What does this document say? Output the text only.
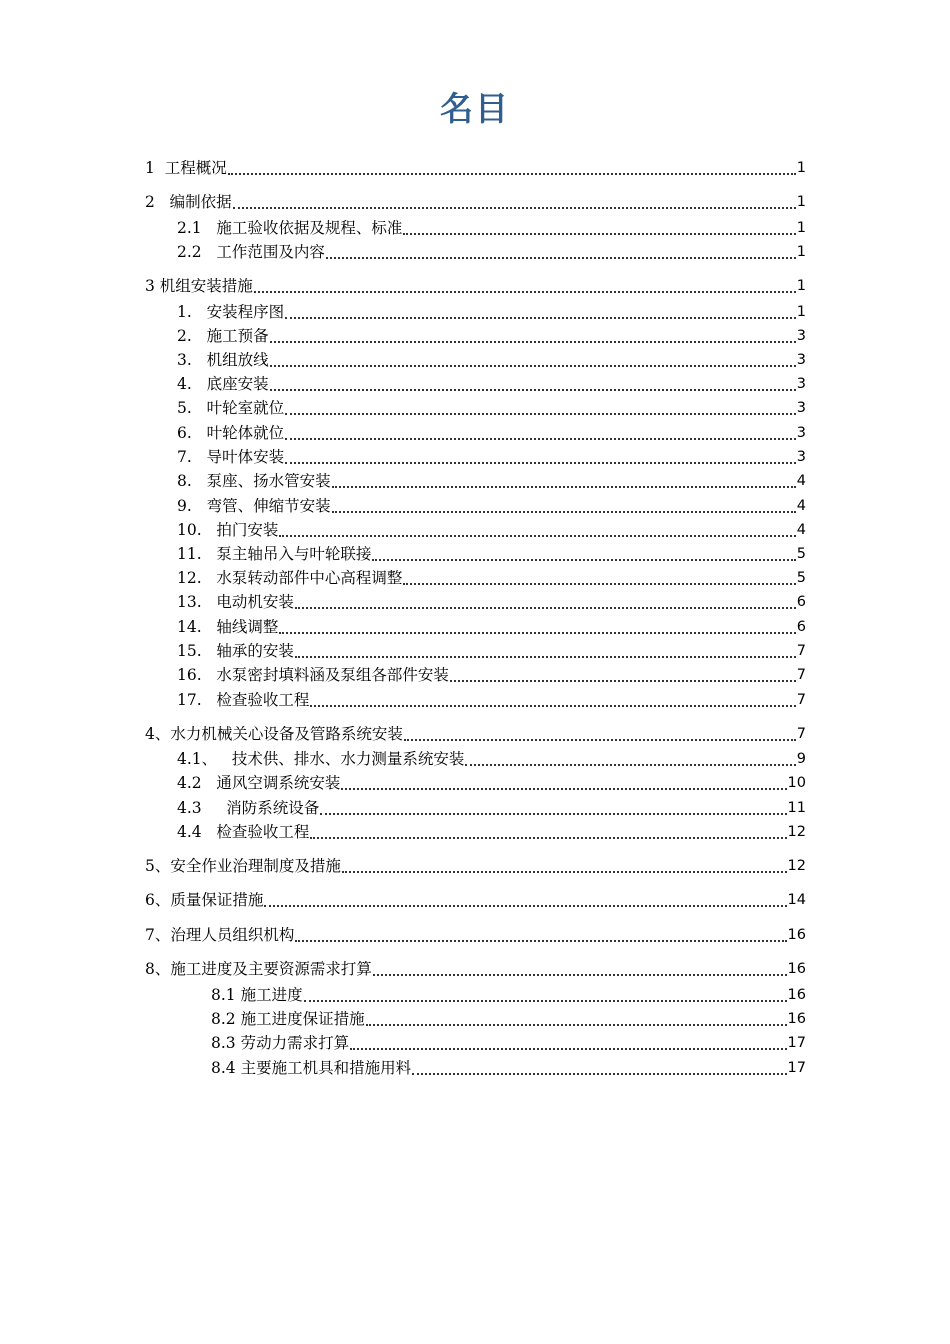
名目
1  工程概况	1
2   编制依据	1
2.1   施工验收依据及规程、标准	1
2.2   工作范围及内容	1
3 机组安装措施	1
1.   安装程序图	1
2.   施工预备	3
3.   机组放线	3
4.   底座安装	3
5.   叶轮室就位	3
6.   叶轮体就位	3
7.   导叶体安装	3
8.   泵座、扬水管安装	4
9.   弯管、伸缩节安装	4
10.   拍门安装	4
11.   泵主轴吊入与叶轮联接	5
12.   水泵转动部件中心高程调整	5
13.   电动机安装	6
14.   轴线调整	6
15.   轴承的安装	7
16.   水泵密封填料涵及泵组各部件安装	7
17.   检查验收工程	7
4、水力机械关心设备及管路系统安装	7
4.1、   技术供、排水、水力测量系统安装	9
4.2   通风空调系统安装	10
4.3     消防系统设备	11
4.4   检查验收工程	12
5、安全作业治理制度及措施	12
6、质量保证措施	14
7、治理人员组织机构	16
8、施工进度及主要资源需求打算	16
8.1 施工进度	16
8.2 施工进度保证措施	16
8.3 劳动力需求打算	17
8.4 主要施工机具和措施用料	17
